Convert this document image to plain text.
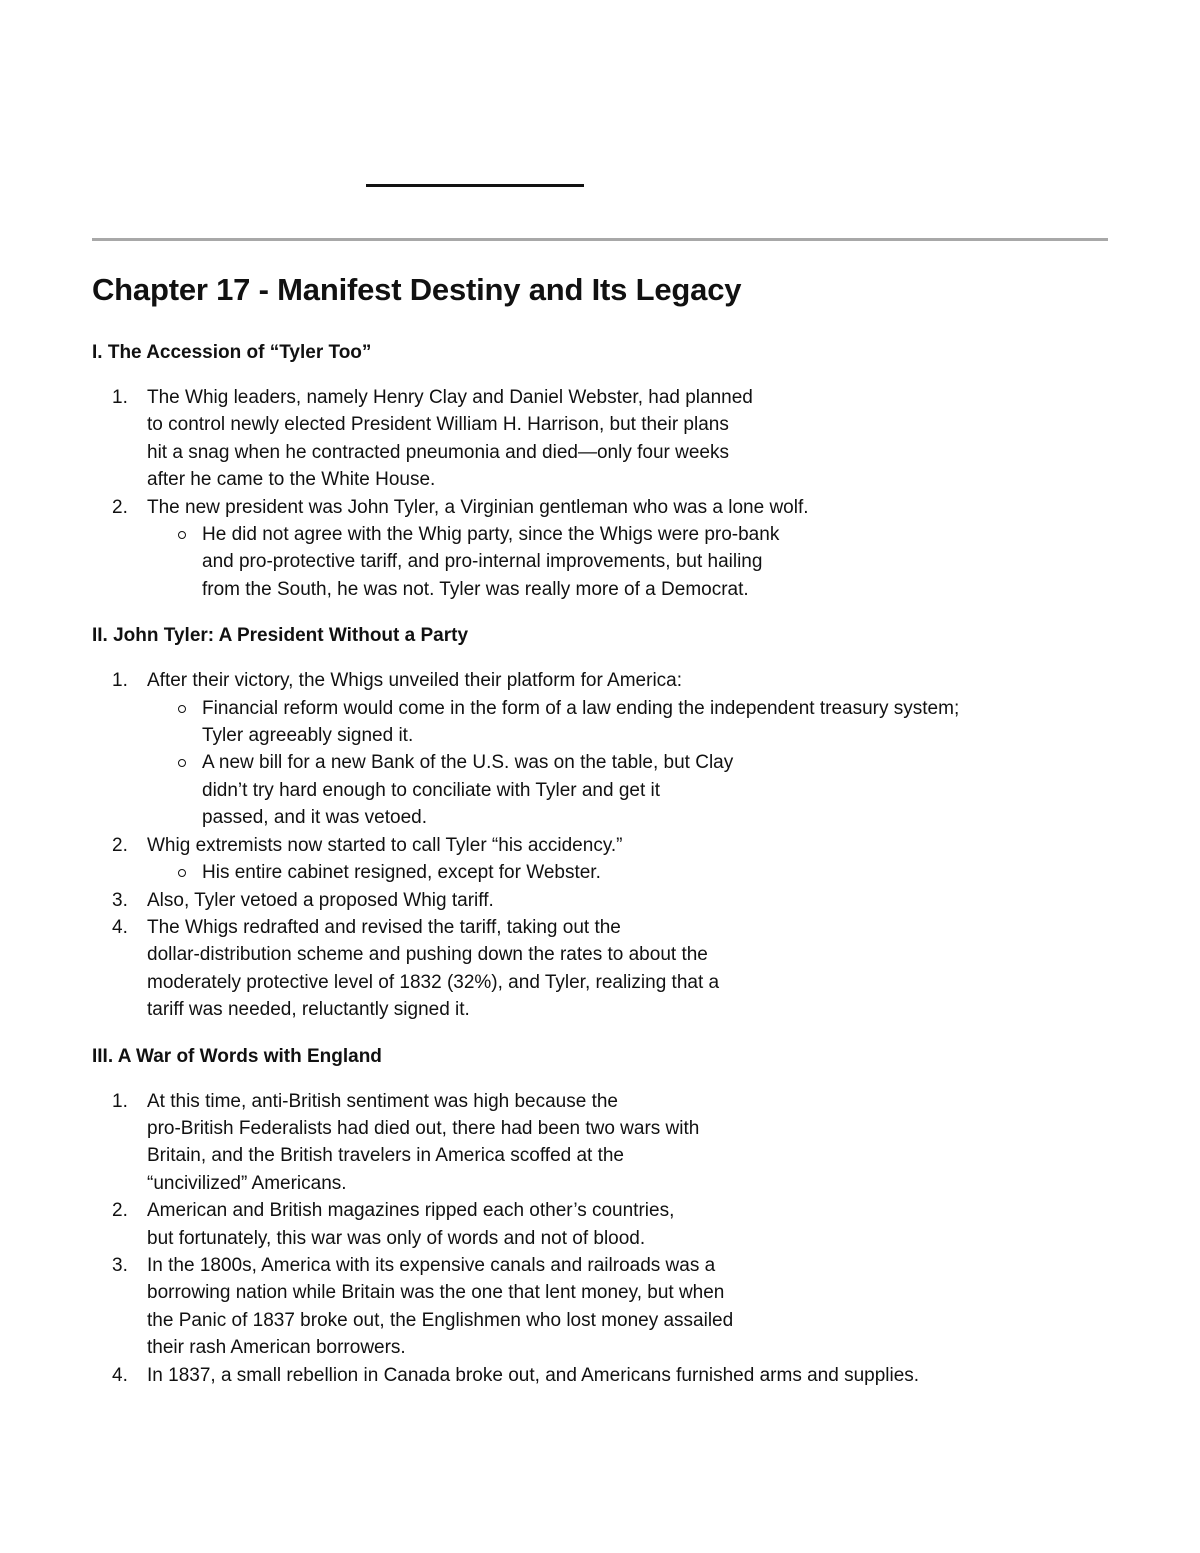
Chapter 17 - Manifest Destiny and Its Legacy
I. The Accession of “Tyler Too”
1.	The Whig leaders, namely Henry Clay and Daniel Webster, had planned
to control newly elected President William H. Harrison, but their plans
hit a snag when he contracted pneumonia and died—only four weeks
after he came to the White House.
2.	The new president was John Tyler, a Virginian gentleman who was a lone wolf.
He did not agree with the Whig party, since the Whigs were pro-bank
and pro-protective tariff, and pro-internal improvements, but hailing
from the South, he was not. Tyler was really more of a Democrat.
II. John Tyler: A President Without a Party
1.	After their victory, the Whigs unveiled their platform for America:
Financial reform would come in the form of a law ending the independent treasury system;
Tyler agreeably signed it.
A new bill for a new Bank of the U.S. was on the table, but Clay
didn’t try hard enough to conciliate with Tyler and get it
passed, and it was vetoed.
2.	Whig extremists now started to call Tyler “his accidency.”
His entire cabinet resigned, except for Webster.
3.	Also, Tyler vetoed a proposed Whig tariff.
4.	The Whigs redrafted and revised the tariff, taking out the
dollar-distribution scheme and pushing down the rates to about the
moderately protective level of 1832 (32%), and Tyler, realizing that a
tariff was needed, reluctantly signed it.
III. A War of Words with England
1.	At this time, anti-British sentiment was high because the
pro-British Federalists had died out, there had been two wars with
Britain, and the British travelers in America scoffed at the
“uncivilized” Americans.
2.	American and British magazines ripped each other’s countries,
but fortunately, this war was only of words and not of blood.
3.	In the 1800s, America with its expensive canals and railroads was a
borrowing nation while Britain was the one that lent money, but when
the Panic of 1837 broke out, the Englishmen who lost money assailed
their rash American borrowers.
4.	In 1837, a small rebellion in Canada broke out, and Americans furnished arms and supplies.
